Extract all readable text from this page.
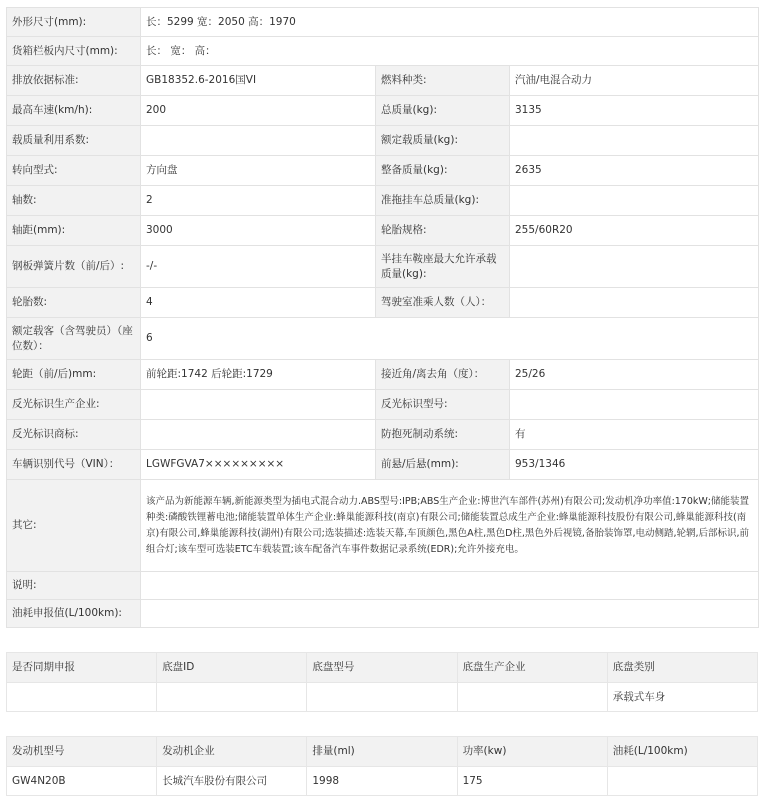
外形尺寸(mm):	长：5299 宽：2050 高：1970		
货箱栏板内尺寸(mm):	长： 宽： 高：		
排放依据标准:	GB18352.6-2016国VI	燃料种类:	汽油/电混合动力
最高车速(km/h):	200	总质量(kg):	3135
载质量利用系数:		额定载质量(kg):	
转向型式:	方向盘	整备质量(kg):	2635
轴数:	2	准拖挂车总质量(kg):	
轴距(mm):	3000	轮胎规格:	255/60R20
钢板弹簧片数（前/后）:	-/-	半挂车鞍座最大允许承载质量(kg):	
轮胎数:	4	驾驶室准乘人数（人）：	
额定载客（含驾驶员）（座位数）：	6		
轮距（前/后)mm:	前轮距:1742 后轮距:1729	接近角/离去角（度）：	25/26
反光标识生产企业:		反光标识型号:	
反光标识商标:		防抱死制动系统:	有
车辆识别代号（VIN）：	LGWFGVA7×××××××××	前悬/后悬(mm):	953/1346
其它:	该产品为新能源车辆,新能源类型为插电式混合动力.ABS型号:IPB;ABS生产企业:博世汽车部件(苏州)有限公司;发动机净功率值:170kW;储能装置种类:磷酸铁锂蓄电池;储能装置单体生产企业:蜂巢能源科技(南京)有限公司;储能装置总成生产企业:蜂巢能源科技股份有限公司,蜂巢能源科技(南京)有限公司,蜂巢能源科技(湖州)有限公司;选装描述:选装天幕,车顶颜色,黑色A柱,黑色D柱,黑色外后视镜,备胎装饰罩,电动侧踏,轮辋,后部标识,前组合灯;该车型可选装ETC车载装置;该车配备汽车事件数据记录系统(EDR);允许外接充电。		
说明:			
油耗申报值(L/100km):			
是否同期申报	底盘ID	底盘型号	底盘生产企业	底盘类别
				承载式车身
发动机型号	发动机企业	排量(ml)	功率(kw)	油耗(L/100km)
GW4N20B	长城汽车股份有限公司	1998	175	
